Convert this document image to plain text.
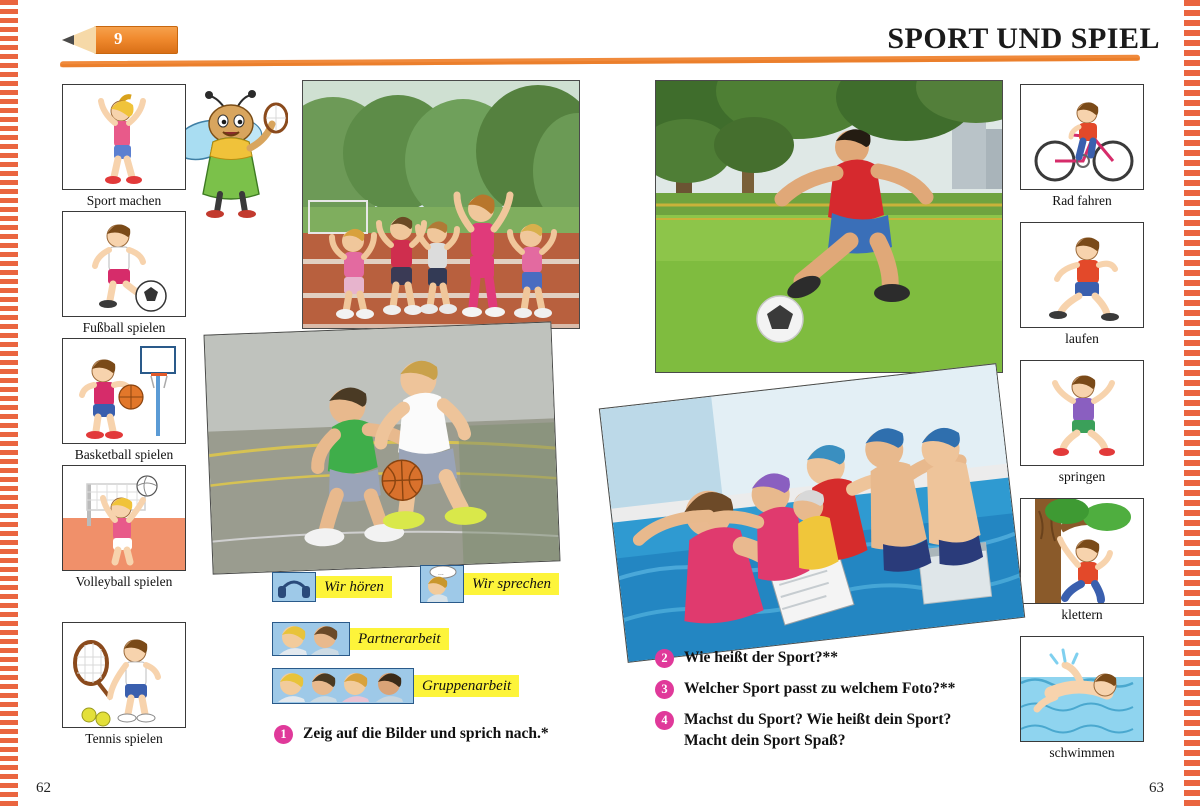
9	SPORT UND SPIEL
62	63
Sport machen
Fußball spielen
Basketball spielen
Volleyball spielen
Tennis spielen
Rad fahren
laufen
springen
klettern
schwimmen
Wir hören
...
Wir sprechen
Partnerarbeit
Gruppenarbeit
1	Zeig auf die Bilder und sprich nach.*
2	Wie heißt der Sport?**
3	Welcher Sport passt zu welchem Foto?**
4	Machst du Sport? Wie heißt dein Sport?
Macht dein Sport Spaß?
